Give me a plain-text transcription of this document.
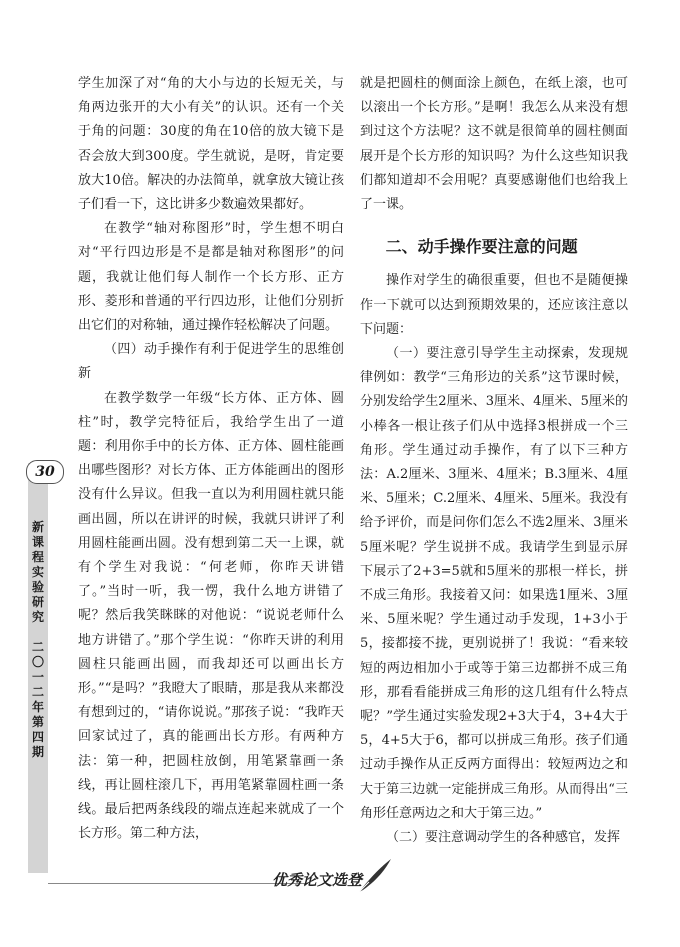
30
新课程实验研究
二〇一二年 第四期

学生加深了对“角的大小与边的长短无关，与角两边张开的大小有关”的认识。还有一个关于角的问题：30度的角在10倍的放大镜下是否会放大到300度。学生就说，是呀，肯定要放大10倍。解决的办法简单，就拿放大镜让孩子们看一下，这比讲多少数遍效果都好。

在教学“轴对称图形”时，学生想不明白对“平行四边形是不是都是轴对称图形”的问题，我就让他们每人制作一个长方形、正方形、菱形和普通的平行四边形，让他们分别折出它们的对称轴，通过操作轻松解决了问题。

（四）动手操作有利于促进学生的思维创新

在教学数学一年级“长方体、正方体、圆柱”时，教学完特征后，我给学生出了一道题：利用你手中的长方体、正方体、圆柱能画出哪些图形？对长方体、正方体能画出的图形没有什么异议。但我一直以为利用圆柱就只能画出圆，所以在讲评的时候，我就只讲评了利用圆柱能画出圆。没有想到第二天一上课，就有个学生对我说：“何老师，你昨天讲错了。”当时一听，我一愣，我什么地方讲错了呢？然后我笑眯眯的对他说：“说说老师什么地方讲错了。”那个学生说：“你昨天讲的利用圆柱只能画出圆，而我却还可以画出长方形。”“是吗？”我瞪大了眼睛，那是我从来都没有想到过的，“请你说说。”那孩子说：“我昨天回家试过了，真的能画出长方形。有两种方法：第一种，把圆柱放倒，用笔紧靠画一条线，再让圆柱滚几下，再用笔紧靠圆柱画一条线。最后把两条线段的端点连起来就成了一个长方形。第二种方法，

就是把圆柱的侧面涂上颜色，在纸上滚，也可以滚出一个长方形。”是啊！我怎么从来没有想到过这个方法呢？这不就是很简单的圆柱侧面展开是个长方形的知识吗？为什么这些知识我们都知道却不会用呢？真要感谢他们也给我上了一课。

二、动手操作要注意的问题

操作对学生的确很重要，但也不是随便操作一下就可以达到预期效果的，还应该注意以下问题：

（一）要注意引导学生主动探索，发现规律例如：教学“三角形边的关系”这节课时候，分别发给学生2厘米、3厘米、4厘米、5厘米的小棒各一根让孩子们从中选择3根拼成一个三角形。学生通过动手操作，有了以下三种方法：A.2厘米、3厘米、4厘米；B.3厘米、4厘米、5厘米；C.2厘米、4厘米、5厘米。我没有给予评价，而是问你们怎么不选2厘米、3厘米5厘米呢？学生说拼不成。我请学生到显示屏下展示了2+3=5就和5厘米的那根一样长，拼不成三角形。我接着又问：如果选1厘米、3厘米、5厘米呢？学生通过动手发现，1+3小于5，接都接不拢，更别说拼了！我说：“看来较短的两边相加小于或等于第三边都拼不成三角形，那看看能拼成三角形的这几组有什么特点呢？”学生通过实验发现2+3大于4，3+4大于5，4+5大于6，都可以拼成三角形。孩子们通过动手操作从正反两方面得出：较短两边之和大于第三边就一定能拼成三角形。从而得出“三角形任意两边之和大于第三边。”

（二）要注意调动学生的各种感官，发挥

优秀论文选登
